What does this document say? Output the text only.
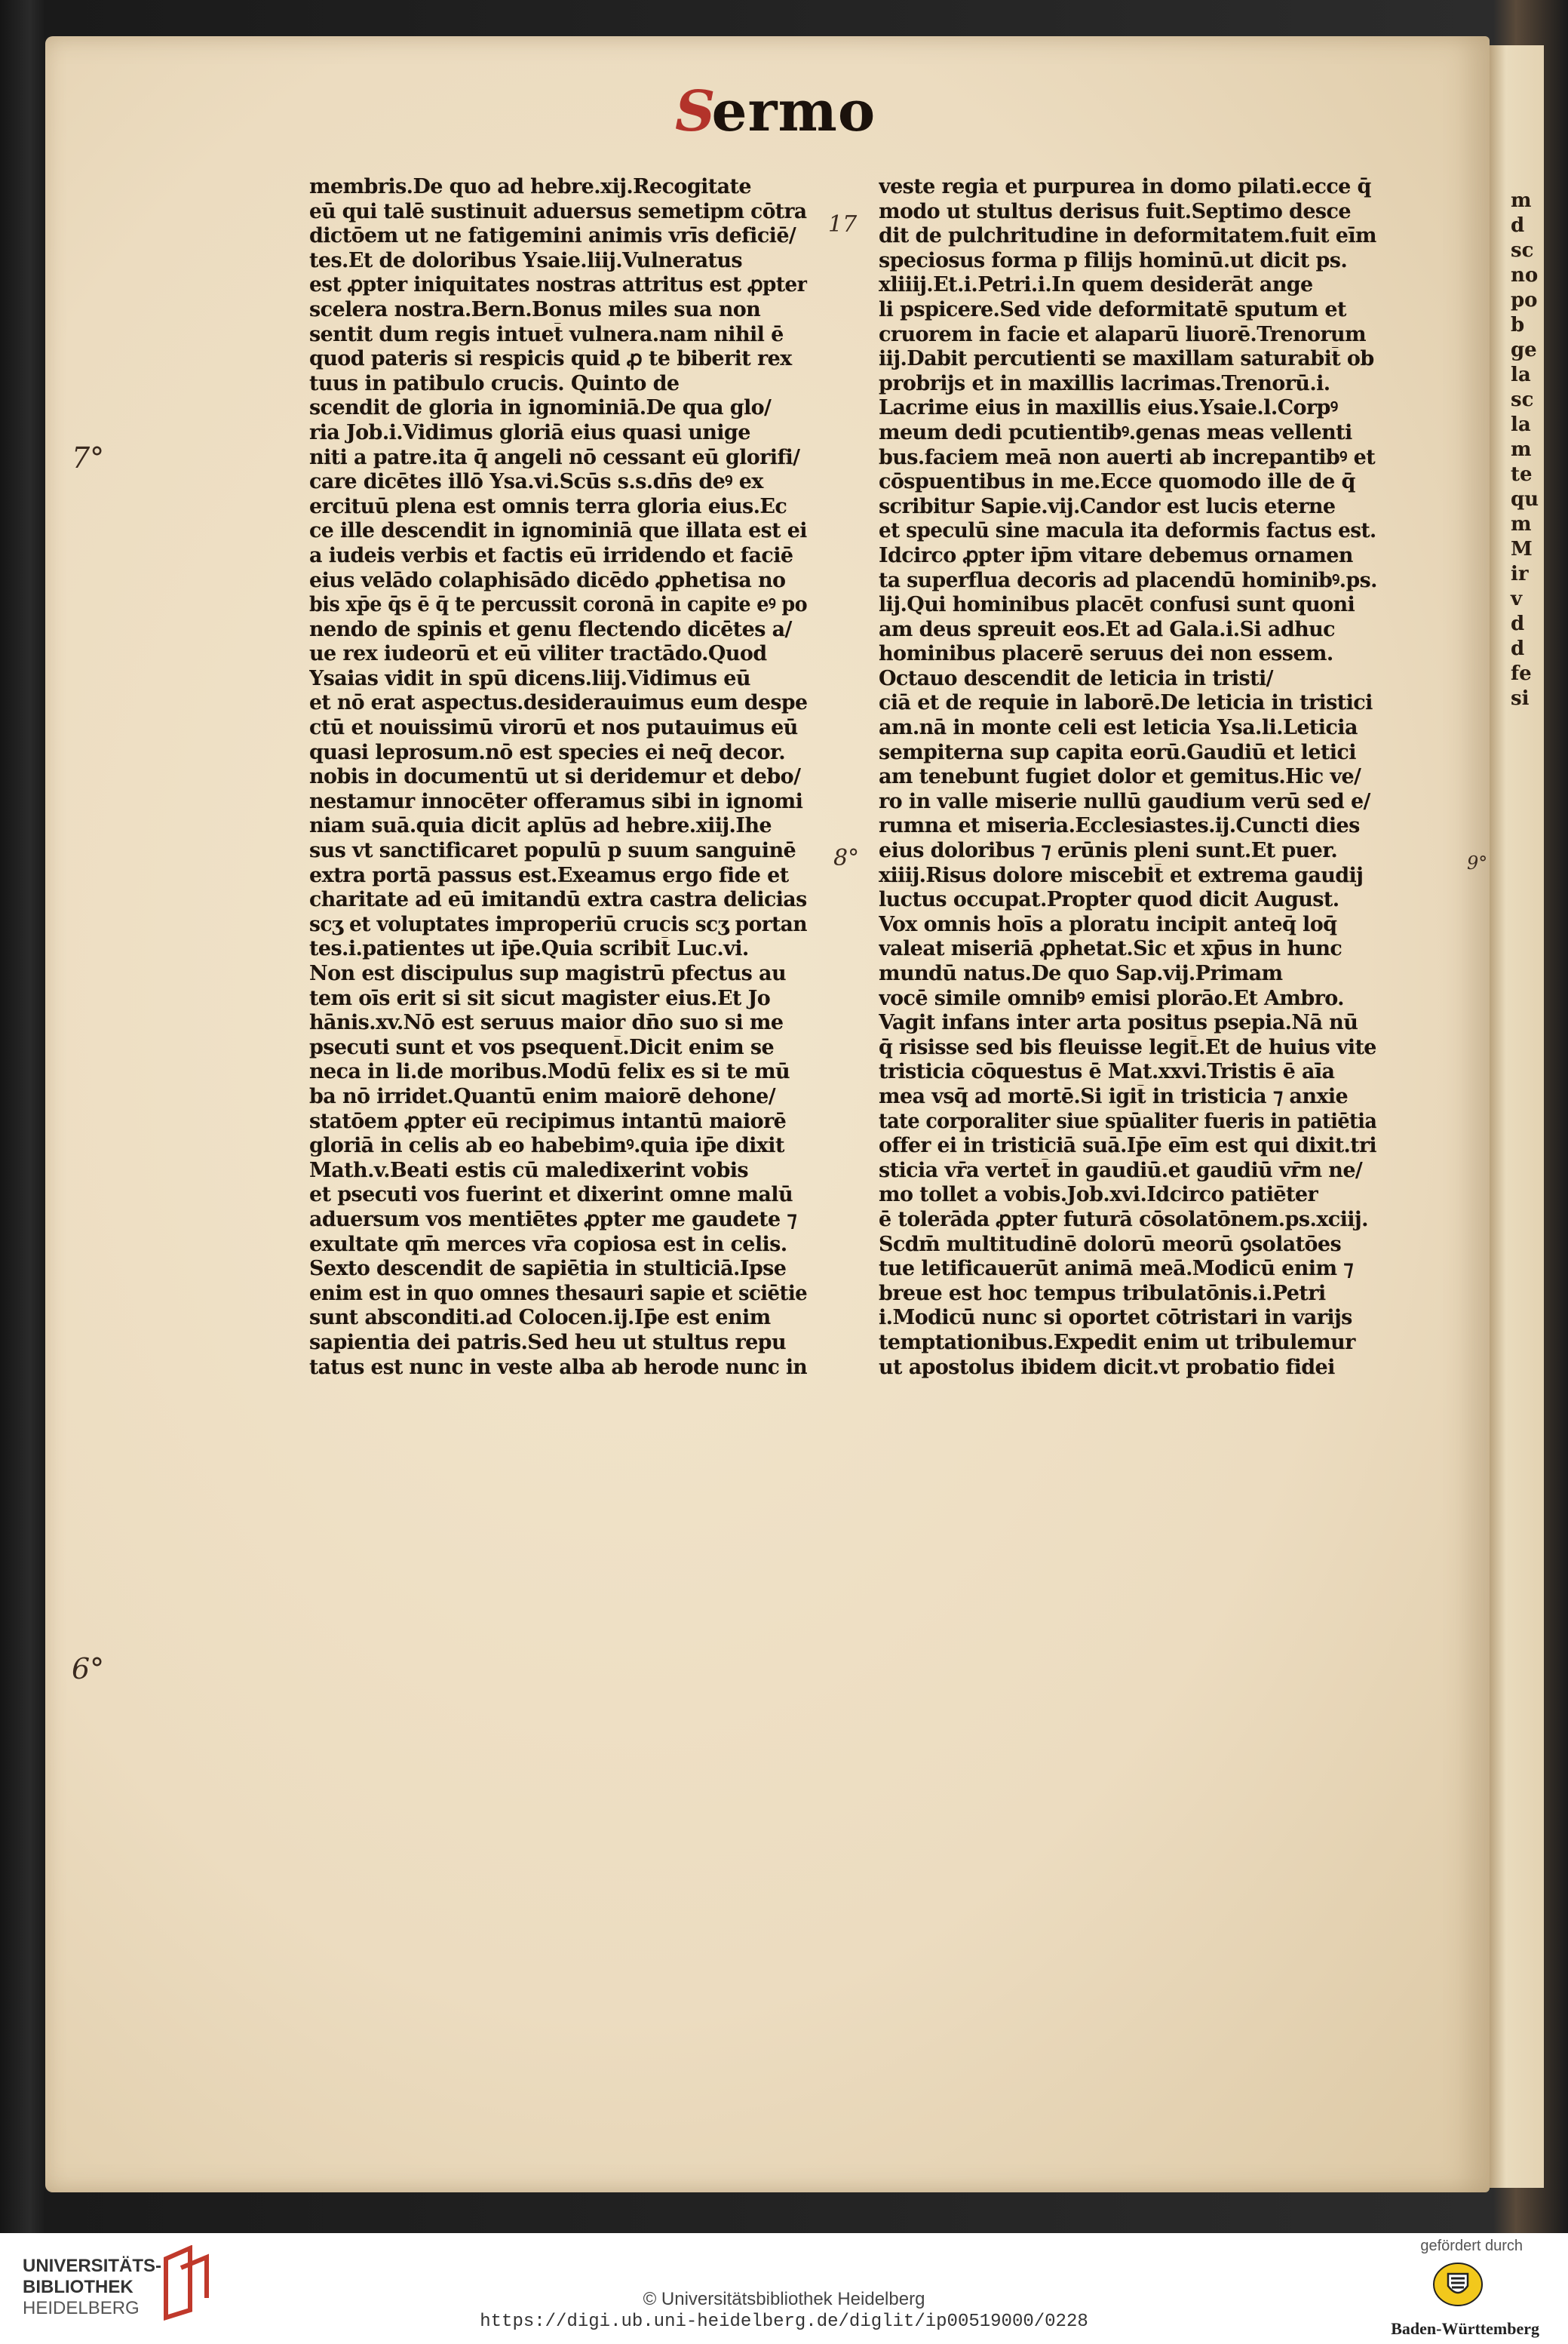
m
d
sc
no
po
b
ge
la
sc
la
m
te
qu
m
M
ir
v
d
d
fe
si
Sermo
membris.De quo ad hebre.xij.Recogitate
eū qui talē sustinuit aduersus semetipm cōtra
dictōem ut ne fatigemini animis vrīs deficiē/
tes.Et de doloribus Ysaie.liij.Vulneratus
est ꝓpter iniquitates nostras attritus est ꝓpter
scelera nostra.Bern.Bonus miles sua non
sentit dum regis intuet̄ vulnera.nam nihil ē
quod pateris si respicis quid ꝓ te biberit rex
tuus in patibulo crucis. Quinto de
scendit de gloria in ignominiā.De qua glo/
ria Job.i.Vidimus gloriā eius quasi unige
niti a patre.ita q̄ angeli nō cessant eū glorifi/
care dicētes illō Ysa.vi.Scūs s.s.dn̄s deꝰ ex
ercituū plena est omnis terra gloria eius.Ec
ce ille descendit in ignominiā que illata est ei
a iudeis verbis et factis eū irridendo et faciē
eius velādo colaphisādo dicēdo ꝓphetisa no
bis xp̄e q̄s ē q̄ te percussit coronā in capite eꝰ po
nendo de spinis et genu flectendo dicētes a/
ue rex iudeorū et eū viliter tractādo.Quod
Ysaias vidit in spū dicens.liij.Vidimus eū
et nō erat aspectus.desiderauimus eum despe
ctū et nouissimū virorū et nos putauimus eū
quasi leprosum.nō est species ei neq̄ decor.
nobis in documentū ut si deridemur et debo/
nestamur innocēter offeramus sibi in ignomi
niam suā.quia dicit aplūs ad hebre.xiij.Ihe
sus vt sanctificaret populū p suum sanguinē
extra portā passus est.Exeamus ergo fide et
charitate ad eū imitandū extra castra delicias
scʒ et voluptates improperiū crucis scʒ portan
tes.i.patientes ut ip̄e.Quia scribit̄ Luc.vi.
Non est discipulus sup magistrū pfectus au
tem oīs erit si sit sicut magister eius.Et Jo
hānis.xv.Nō est seruus maior dn̄o suo si me
psecuti sunt et vos psequent̄.Dicit enim se
neca in li.de moribus.Modū felix es si te mū
ba nō irridet.Quantū enim maiorē dehone/
statōem ꝓpter eū recipimus intantū maiorē
gloriā in celis ab eo habebimꝰ.quia ip̄e dixit
Math.v.Beati estis cū maledixerint vobis
et psecuti vos fuerint et dixerint omne malū
aduersum vos mentiētes ꝓpter me gaudete ⁊
exultate qm̄ merces vr̄a copiosa est in celis.
Sexto descendit de sapiētia in stulticiā.Ipse
enim est in quo omnes thesauri sapie et sciētie
sunt absconditi.ad Colocen.ij.Ip̄e est enim
sapientia dei patris.Sed heu ut stultus repu
tatus est nunc in veste alba ab herode nunc in
veste regia et purpurea in domo pilati.ecce q̄
modo ut stultus derisus fuit.Septimo desce
dit de pulchritudine in deformitatem.fuit eīm
speciosus forma p filijs hominū.ut dicit ps.
xliiij.Et.i.Petri.i.In quem desiderāt ange
li pspicere.Sed vide deformitatē sputum et
cruorem in facie et alaparū liuorē.Trenorum
iij.Dabit percutienti se maxillam saturabit̄ ob
probrijs et in maxillis lacrimas.Trenorū.i.
Lacrime eius in maxillis eius.Ysaie.l.Corpꝰ
meum dedi pcutientibꝰ.genas meas vellenti
bus.faciem meā non auerti ab increpantibꝰ et
cōspuentibus in me.Ecce quomodo ille de q̄
scribitur Sapie.vij.Candor est lucis eterne
et speculū sine macula ita deformis factus est.
Idcirco ꝓpter ip̄m vitare debemus ornamen
ta superflua decoris ad placendū hominibꝰ.ps.
lij.Qui hominibus placēt confusi sunt quoni
am deus spreuit eos.Et ad Gala.i.Si adhuc
hominibus placerē seruus dei non essem.
Octauo descendit de leticia in tristi/
ciā et de requie in laborē.De leticia in tristici
am.nā in monte celi est leticia Ysa.li.Leticia
sempiterna sup capita eorū.Gaudiū et letici
am tenebunt fugiet dolor et gemitus.Hic ve/
ro in valle miserie nullū gaudium verū sed e/
rumna et miseria.Ecclesiastes.ij.Cuncti dies
eius doloribus ⁊ erūnis pleni sunt.Et puer.
xiiij.Risus dolore miscebit̄ et extrema gaudij
luctus occupat.Propter quod dicit August.
Vox omnis hoīs a ploratu incipit anteq̄ loq̄
valeat miseriā ꝓphetat.Sic et xp̄us in hunc
mundū natus.De quo Sap.vij.Primam
vocē simile omnibꝰ emisi plorāo.Et Ambro.
Vagit infans inter arta positus psepia.Nā nū
q̄ risisse sed bis fleuisse legit̄.Et de huius vite
tristicia cōquestus ē Mat.xxvi.Tristis ē aīa
mea vsq̄ ad mortē.Si igit̄ in tristicia ⁊ anxie
tate corporaliter siue spūaliter fueris in patiētia
offer ei in tristiciā suā.Ip̄e eīm est qui dixit.tri
sticia vr̄a vertet̄ in gaudiū.et gaudiū vr̄m ne/
mo tollet a vobis.Job.xvi.Idcirco patiēter
ē tolerāda ꝓpter futurā cōsolatōnem.ps.xciij.
Scdm̄ multitudinē dolorū meorū ꝯsolatōes
tue letificauerūt animā meā.Modicū enim ⁊
breue est hoc tempus tribulatōnis.i.Petri
i.Modicū nunc si oportet cōtristari in varijs
temptationibus.Expedit enim ut tribulemur
ut apostolus ibidem dicit.vt probatio fidei
7°
6°
17
8°	9°
UNIVERSITÄTS-
BIBLIOTHEK
HEIDELBERG	© Universitätsbibliothek Heidelberg
https://digi.ub.uni-heidelberg.de/diglit/ip00519000/0228
gefördert durch
Baden-Württemberg
